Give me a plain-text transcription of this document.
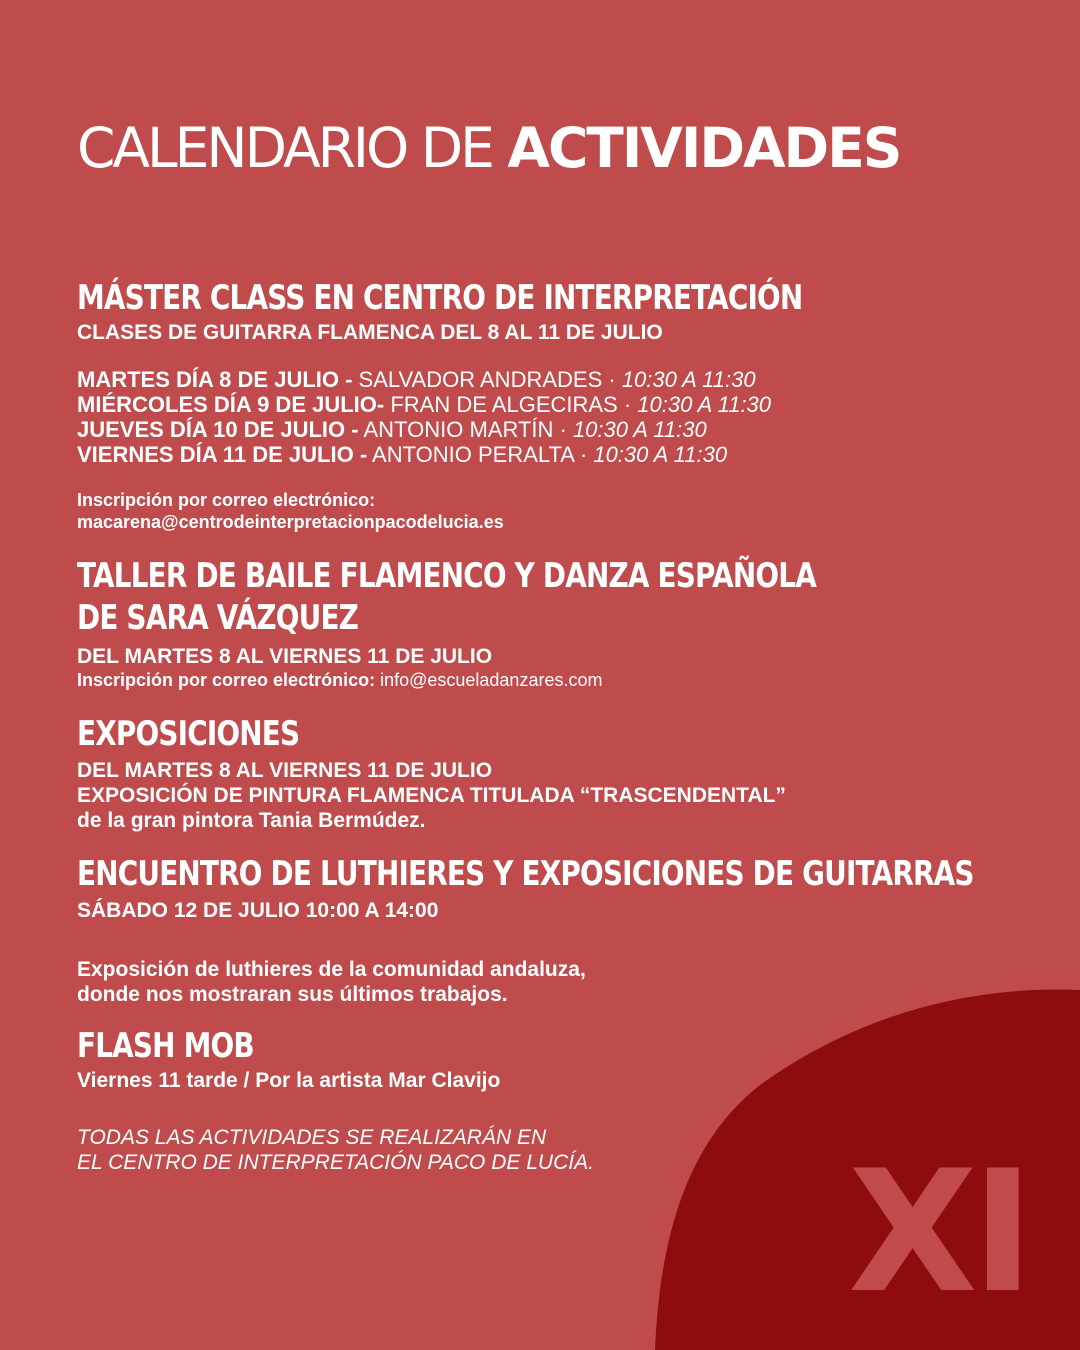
XI
CALENDARIO DE ACTIVIDADES
MÁSTER CLASS EN CENTRO DE INTERPRETACIÓN
CLASES DE GUITARRA FLAMENCA DEL 8 AL 11 DE JULIO
MARTES DÍA 8 DE JULIO - SALVADOR ANDRADES · 10:30 A 11:30
MIÉRCOLES DÍA 9 DE JULIO- FRAN DE ALGECIRAS · 10:30 A 11:30
JUEVES DÍA 10 DE JULIO - ANTONIO MARTÍN · 10:30 A 11:30
VIERNES DÍA 11 DE JULIO - ANTONIO PERALTA · 10:30 A 11:30
Inscripción por correo electrónico:
macarena@centrodeinterpretacionpacodelucia.es
TALLER DE BAILE FLAMENCO Y DANZA ESPAÑOLA
DE SARA VÁZQUEZ
DEL MARTES 8 AL VIERNES 11 DE JULIO
Inscripción por correo electrónico: info@escueladanzares.com
EXPOSICIONES
DEL MARTES 8 AL VIERNES 11 DE JULIO
EXPOSICIÓN DE PINTURA FLAMENCA TITULADA “TRASCENDENTAL”
de la gran pintora Tania Bermúdez.
ENCUENTRO DE LUTHIERES Y EXPOSICIONES DE GUITARRAS
SÁBADO 12 DE JULIO 10:00 A 14:00
Exposición de luthieres de la comunidad andaluza,
donde nos mostraran sus últimos trabajos.
FLASH MOB
Viernes 11 tarde / Por la artista Mar Clavijo
TODAS LAS ACTIVIDADES SE REALIZARÁN EN
EL CENTRO DE INTERPRETACIÓN PACO DE LUCÍA.
